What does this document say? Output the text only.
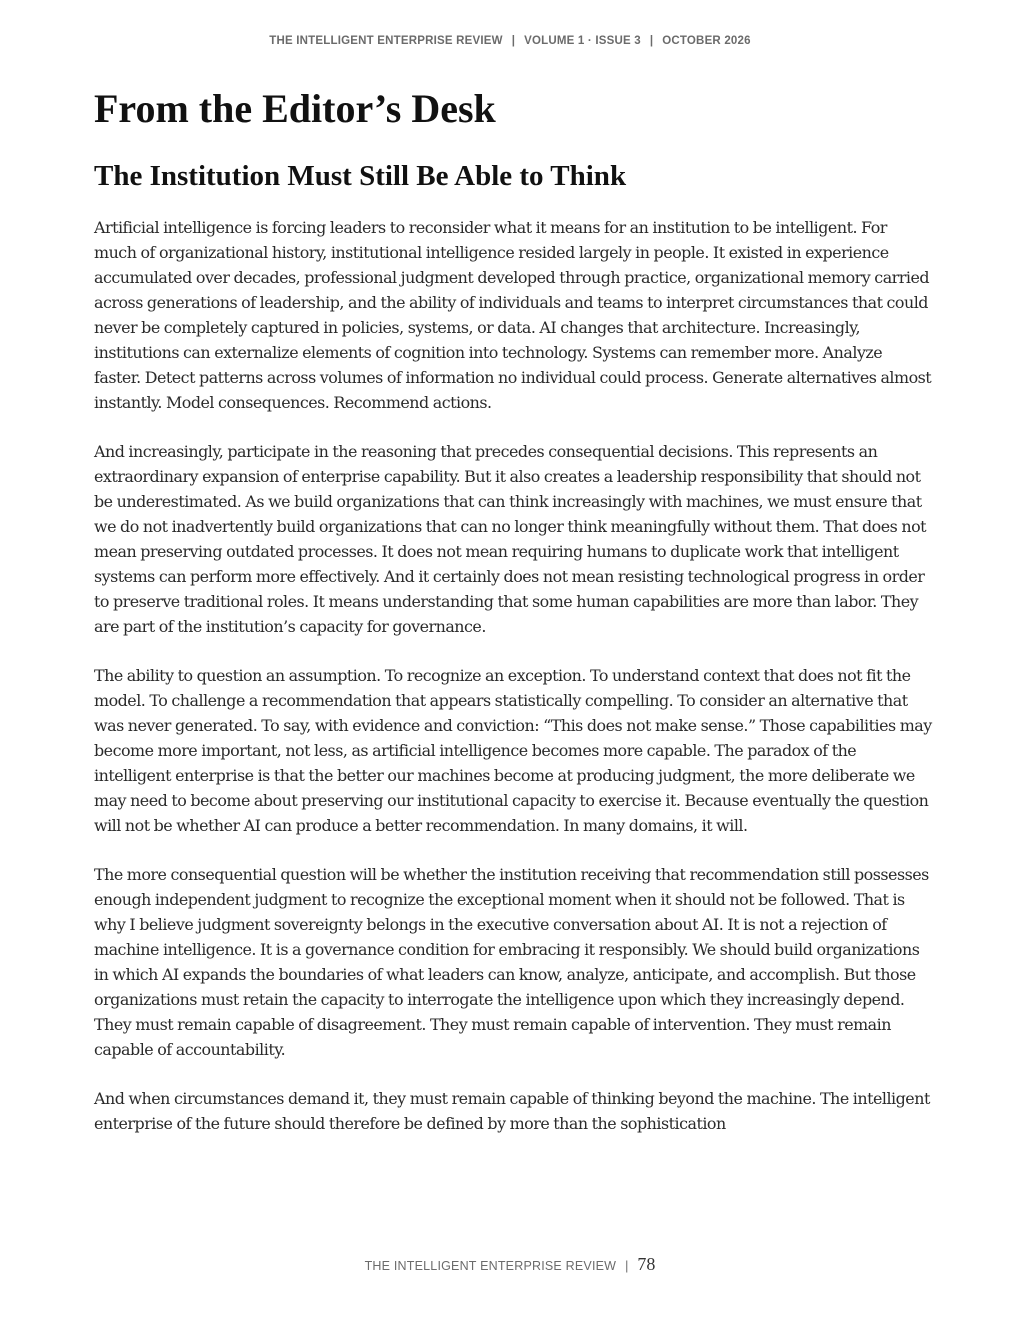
THE INTELLIGENT ENTERPRISE REVIEW | VOLUME 1 · ISSUE 3 | OCTOBER 2026
From the Editor’s Desk
The Institution Must Still Be Able to Think

Artificial intelligence is forcing leaders to reconsider what it means for an institution to be intelligent. For much of organizational history, institutional intelligence resided largely in people. It existed in experience accumulated over decades, professional judgment developed through practice, organizational memory carried across generations of leadership, and the ability of individuals and teams to interpret circumstances that could never be completely captured in policies, systems, or data. AI changes that architecture. Increasingly, institutions can externalize elements of cognition into technology. Systems can remember more. Analyze faster. Detect patterns across volumes of information no individual could process. Generate alternatives almost instantly. Model consequences. Recommend actions.

And increasingly, participate in the reasoning that precedes consequential decisions. This represents an extraordinary expansion of enterprise capability. But it also creates a leadership responsibility that should not be underestimated. As we build organizations that can think increasingly with machines, we must ensure that we do not inadvertently build organizations that can no longer think meaningfully without them. That does not mean preserving outdated processes. It does not mean requiring humans to duplicate work that intelligent systems can perform more effectively. And it certainly does not mean resisting technological progress in order to preserve traditional roles. It means understanding that some human capabilities are more than labor. They are part of the institution’s capacity for governance.

The ability to question an assumption. To recognize an exception. To understand context that does not fit the model. To challenge a recommendation that appears statistically compelling. To consider an alternative that was never generated. To say, with evidence and conviction: “This does not make sense.” Those capabilities may become more important, not less, as artificial intelligence becomes more capable. The paradox of the intelligent enterprise is that the better our machines become at producing judgment, the more deliberate we may need to become about preserving our institutional capacity to exercise it. Because eventually the question will not be whether AI can produce a better recommendation. In many domains, it will.

The more consequential question will be whether the institution receiving that recommendation still possesses enough independent judgment to recognize the exceptional moment when it should not be followed. That is why I believe judgment sovereignty belongs in the executive conversation about AI. It is not a rejection of machine intelligence. It is a governance condition for embracing it responsibly. We should build organizations in which AI expands the boundaries of what leaders can know, analyze, anticipate, and accomplish. But those organizations must retain the capacity to interrogate the intelligence upon which they increasingly depend. They must remain capable of disagreement. They must remain capable of intervention. They must remain capable of accountability.

And when circumstances demand it, they must remain capable of thinking beyond the machine. The intelligent enterprise of the future should therefore be defined by more than the sophistication

THE INTELLIGENT ENTERPRISE REVIEW | 78
